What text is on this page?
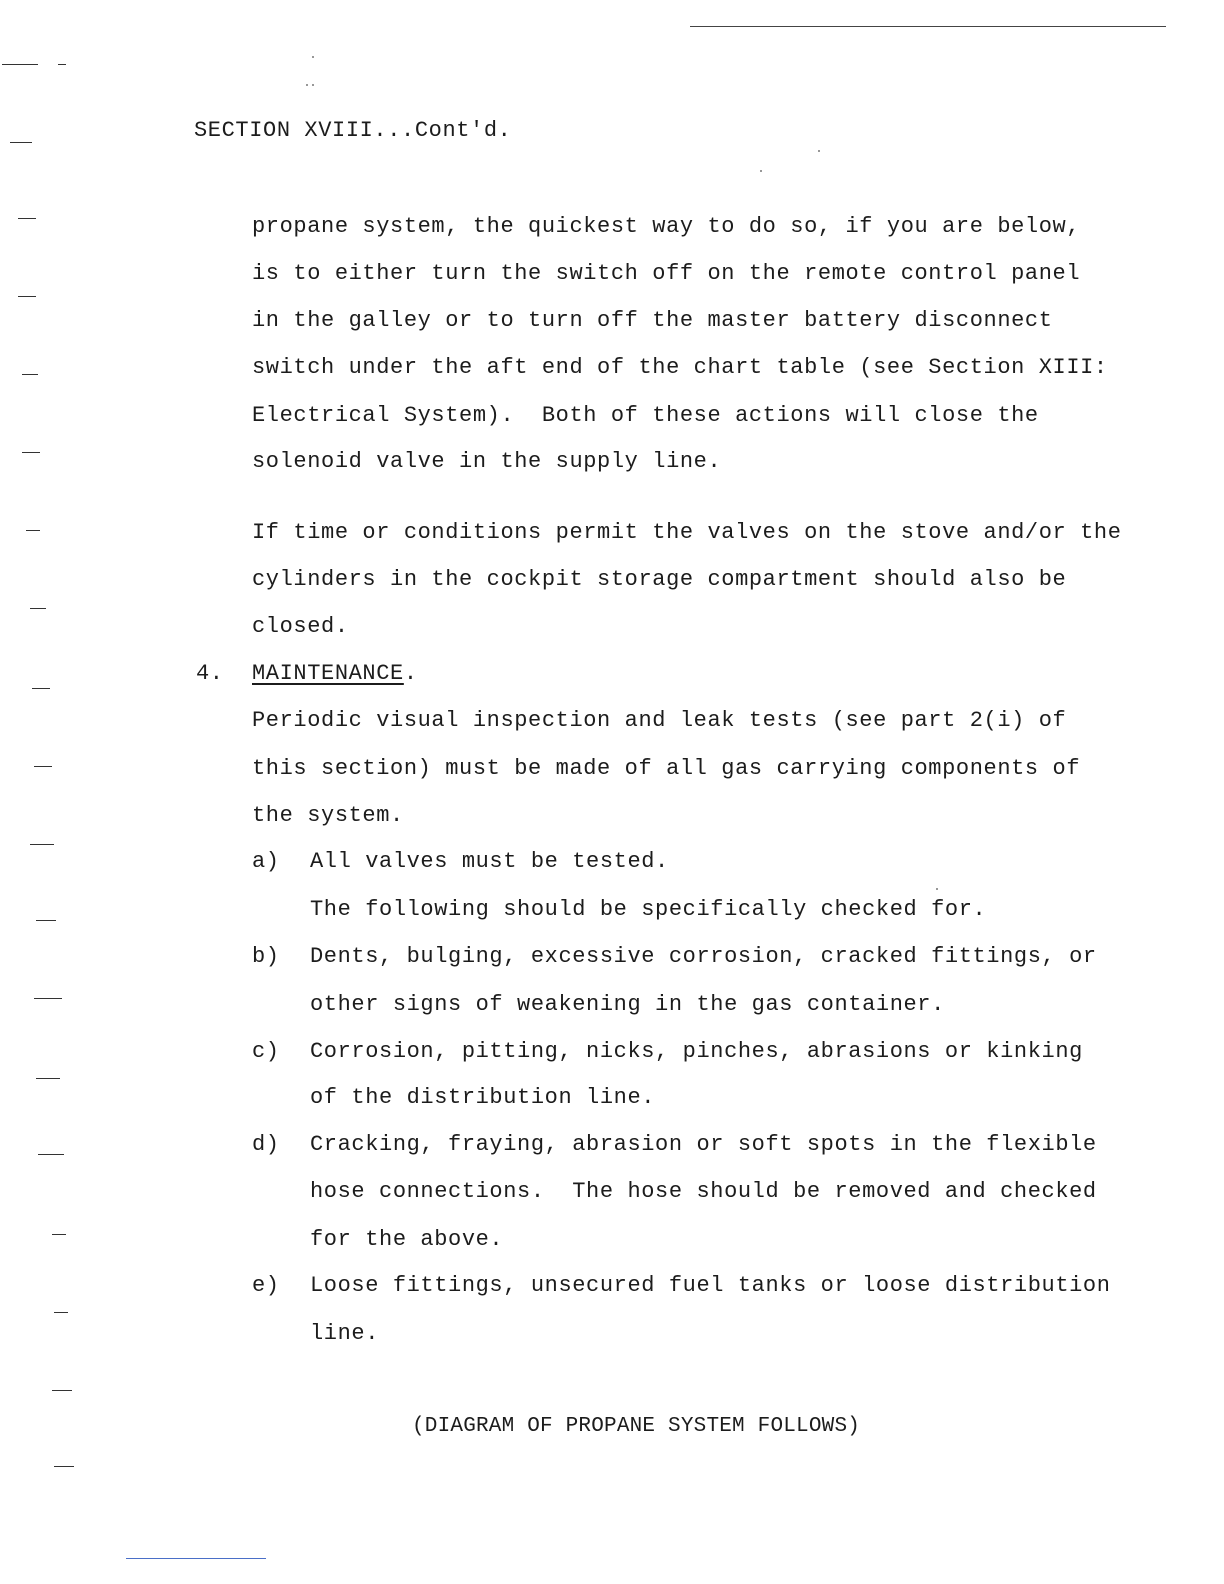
SECTION XVIII...Cont'd.
propane system, the quickest way to do so, if you are below,
is to either turn the switch off on the remote control panel
in the galley or to turn off the master battery disconnect
switch under the aft end of the chart table (see Section XIII:
Electrical System).  Both of these actions will close the
solenoid valve in the supply line.
If time or conditions permit the valves on the stove and/or the
cylinders in the cockpit storage compartment should also be
closed.
4. MAINTENANCE.
Periodic visual inspection and leak tests (see part 2(i) of
this section) must be made of all gas carrying components of
the system.
a) All valves must be tested.
The following should be specifically checked for.
b) Dents, bulging, excessive corrosion, cracked fittings, or
other signs of weakening in the gas container.
c) Corrosion, pitting, nicks, pinches, abrasions or kinking
of the distribution line.
d) Cracking, fraying, abrasion or soft spots in the flexible
hose connections.  The hose should be removed and checked
for the above.
e) Loose fittings, unsecured fuel tanks or loose distribution
line.
(DIAGRAM OF PROPANE SYSTEM FOLLOWS)
